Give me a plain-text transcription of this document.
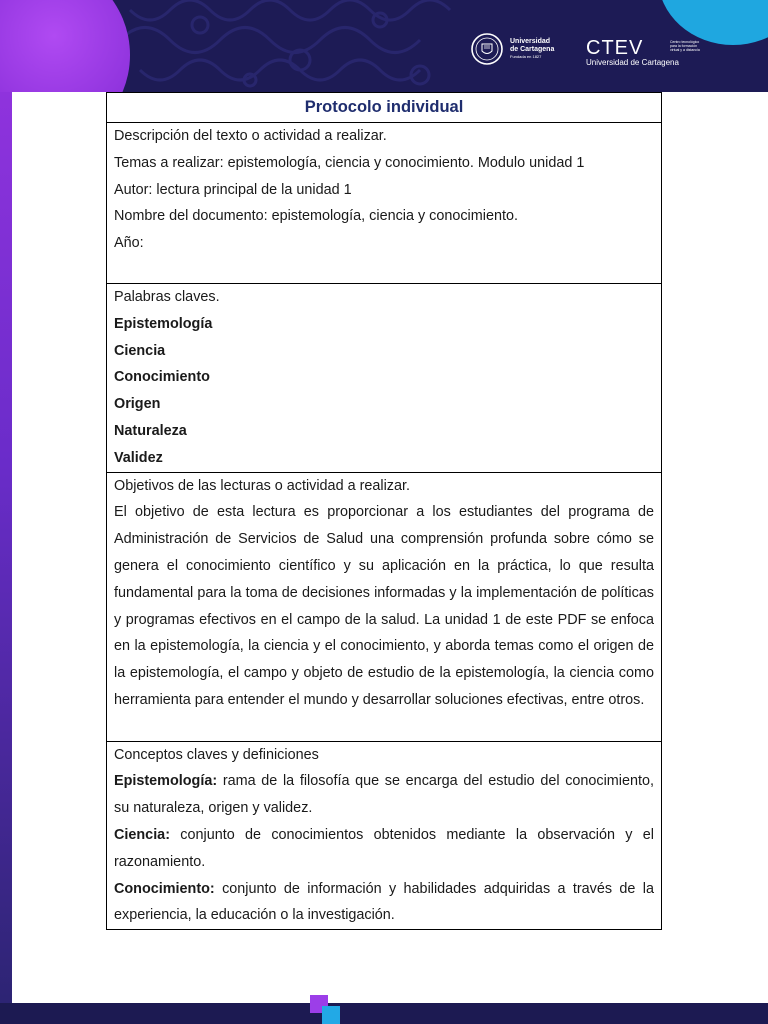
Universidad
de Cartagena
Fundada en 1827	CTEV
Universidad de Cartagena
Centro tecnológico para la formación virtual y a distancia
Protocolo individual

Descripción del texto o actividad a realizar.

Temas a realizar: epistemología, ciencia y conocimiento. Modulo unidad 1

Autor: lectura principal de la unidad 1

Nombre del documento: epistemología, ciencia y conocimiento.

Año:

Palabras claves.

Epistemología

Ciencia

Conocimiento

Origen

Naturaleza

Validez

Objetivos de las lecturas o actividad a realizar.

El objetivo de esta lectura es proporcionar a los estudiantes del programa de Administración de Servicios de Salud una comprensión profunda sobre cómo se genera el conocimiento científico y su aplicación en la práctica, lo que resulta fundamental para la toma de decisiones informadas y la implementación de políticas y programas efectivos en el campo de la salud. La unidad 1 de este PDF se enfoca en la epistemología, la ciencia y el conocimiento, y aborda temas como el origen de la epistemología, el campo y objeto de estudio de la epistemología, la ciencia como herramienta para entender el mundo y desarrollar soluciones efectivas, entre otros.

Conceptos claves y definiciones

Epistemología: rama de la filosofía que se encarga del estudio del conocimiento, su naturaleza, origen y validez.

Ciencia: conjunto de conocimientos obtenidos mediante la observación y el razonamiento.

Conocimiento: conjunto de información y habilidades adquiridas a través de la experiencia, la educación o la investigación.
